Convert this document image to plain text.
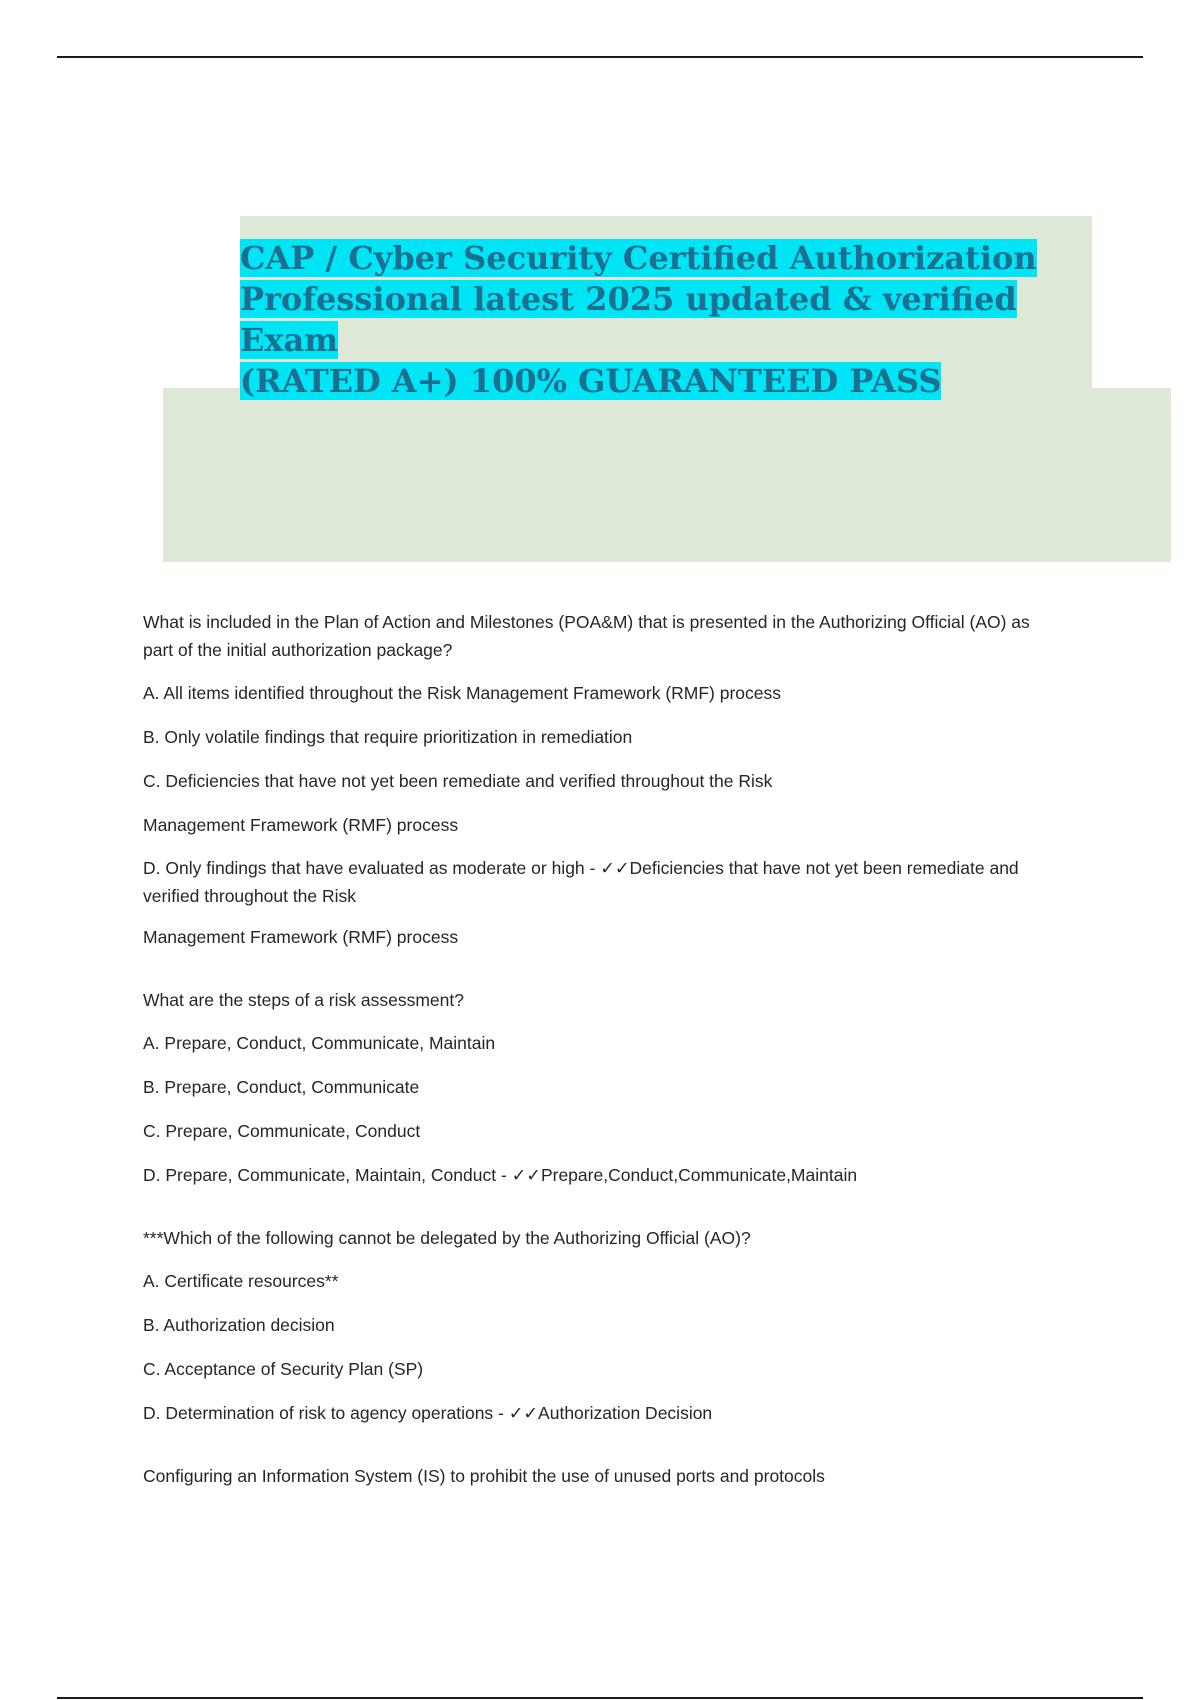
CAP / Cyber Security Certified Authorization
Professional latest 2025 updated & verified Exam
(RATED A+) 100% GUARANTEED PASS

What is included in the Plan of Action and Milestones (POA&M) that is presented in the Authorizing Official (AO) as part of the initial authorization package?

A. All items identified throughout the Risk Management Framework (RMF) process

B. Only volatile findings that require prioritization in remediation

C. Deficiencies that have not yet been remediate and verified throughout the Risk

Management Framework (RMF) process

D. Only findings that have evaluated as moderate or high - ✓✓Deficiencies that have not yet been remediate and verified throughout the Risk

Management Framework (RMF) process

What are the steps of a risk assessment?

A. Prepare, Conduct, Communicate, Maintain

B. Prepare, Conduct, Communicate

C. Prepare, Communicate, Conduct

D. Prepare, Communicate, Maintain, Conduct - ✓✓Prepare,Conduct,Communicate,Maintain

***Which of the following cannot be delegated by the Authorizing Official (AO)?

A. Certificate resources**

B. Authorization decision

C. Acceptance of Security Plan (SP)

D. Determination of risk to agency operations - ✓✓Authorization Decision

Configuring an Information System (IS) to prohibit the use of unused ports and protocols
